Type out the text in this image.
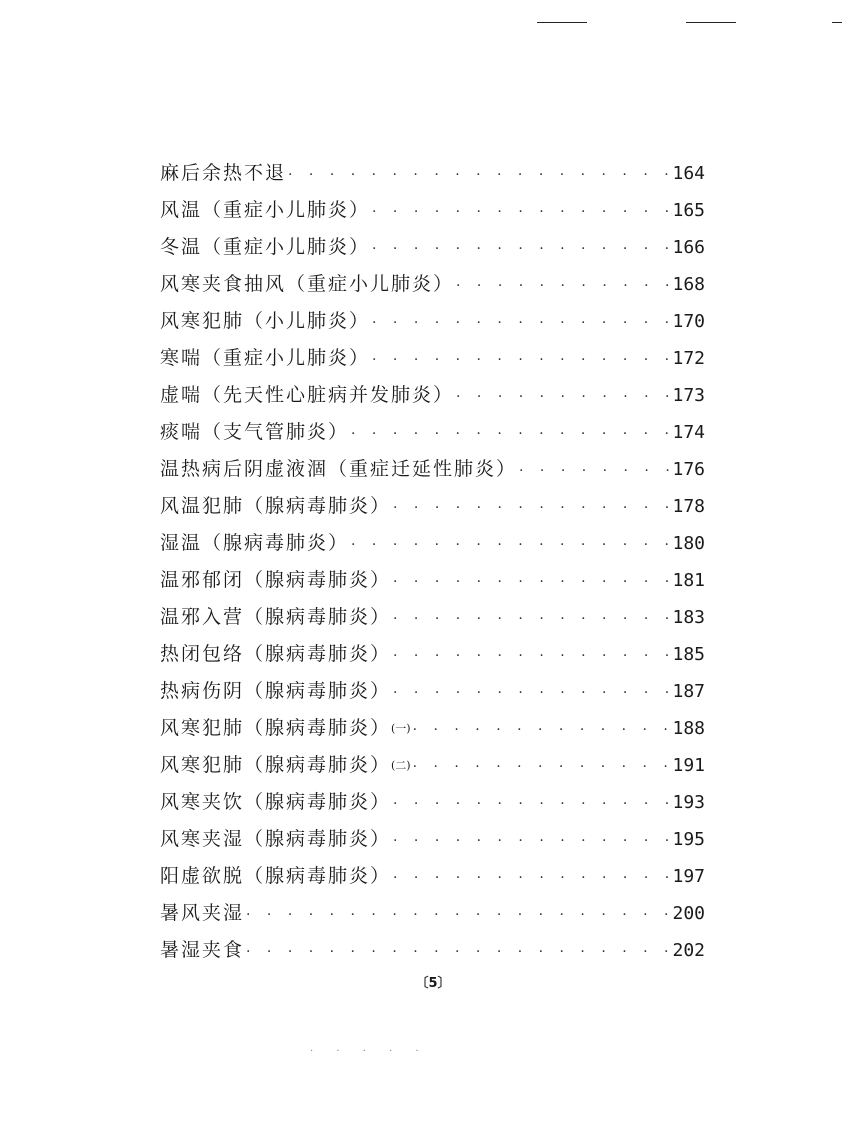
麻后余热不退 · · ·	164
风温（重症小儿肺炎） · · ·	165
冬温（重症小儿肺炎） · · ·	166
风寒夹食抽风（重症小儿肺炎） · · ·	168
风寒犯肺（小儿肺炎） · · ·	170
寒喘（重症小儿肺炎） · · ·	172
虚喘（先天性心脏病并发肺炎） · · ·	173
痰喘（支气管肺炎） · · ·	174
温热病后阴虚液涸（重症迁延性肺炎） · · ·	176
风温犯肺（腺病毒肺炎） · · ·	178
湿温（腺病毒肺炎） · · ·	180
温邪郁闭（腺病毒肺炎） · · ·	181
温邪入营（腺病毒肺炎） · · ·	183
热闭包络（腺病毒肺炎） · · ·	185
热病伤阴（腺病毒肺炎） · · ·	187
风寒犯肺（腺病毒肺炎） (一) · · ·	188
风寒犯肺（腺病毒肺炎） (二) · · ·	191
风寒夹饮（腺病毒肺炎） · · ·	193
风寒夹湿（腺病毒肺炎） · · ·	195
阳虚欲脱（腺病毒肺炎） · · ·	197
暑风夹湿 · · ·	200
暑湿夹食 · · ·	202
〔5〕
· · · · ·
